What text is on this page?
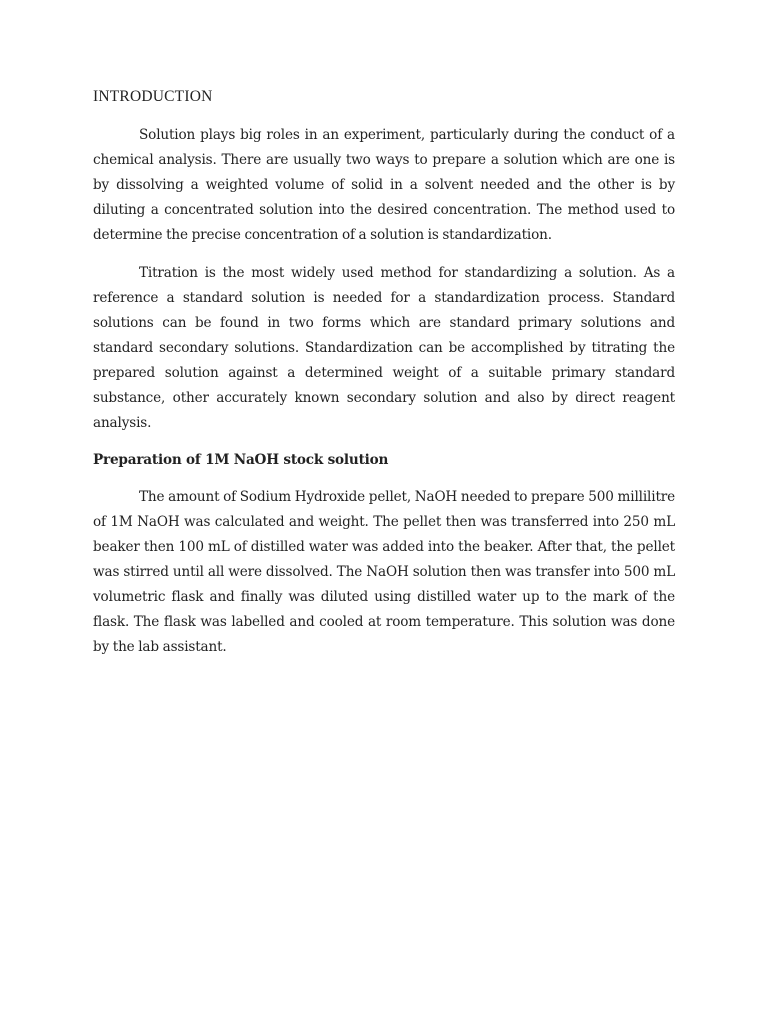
INTRODUCTION

Solution plays big roles in an experiment, particularly during the conduct of a chemical analysis. There are usually two ways to prepare a solution which are one is by dissolving a weighted volume of solid in a solvent needed and the other is by diluting a concentrated solution into the desired concentration. The method used to determine the precise concentration of a solution is standardization.

Titration is the most widely used method for standardizing a solution. As a reference a standard solution is needed for a standardization process. Standard solutions can be found in two forms which are standard primary solutions and standard secondary solutions. Standardization can be accomplished by titrating the prepared solution against a determined weight of a suitable primary standard substance, other accurately known secondary solution and also by direct reagent analysis.

Preparation of 1M NaOH stock solution

The amount of Sodium Hydroxide pellet, NaOH needed to prepare 500 millilitre of 1M NaOH was calculated and weight. The pellet then was transferred into 250 mL beaker then 100 mL of distilled water was added into the beaker. After that, the pellet was stirred until all were dissolved. The NaOH solution then was transfer into 500 mL volumetric flask and finally was diluted using distilled water up to the mark of the flask. The flask was labelled and cooled at room temperature. This solution was done by the lab assistant.
